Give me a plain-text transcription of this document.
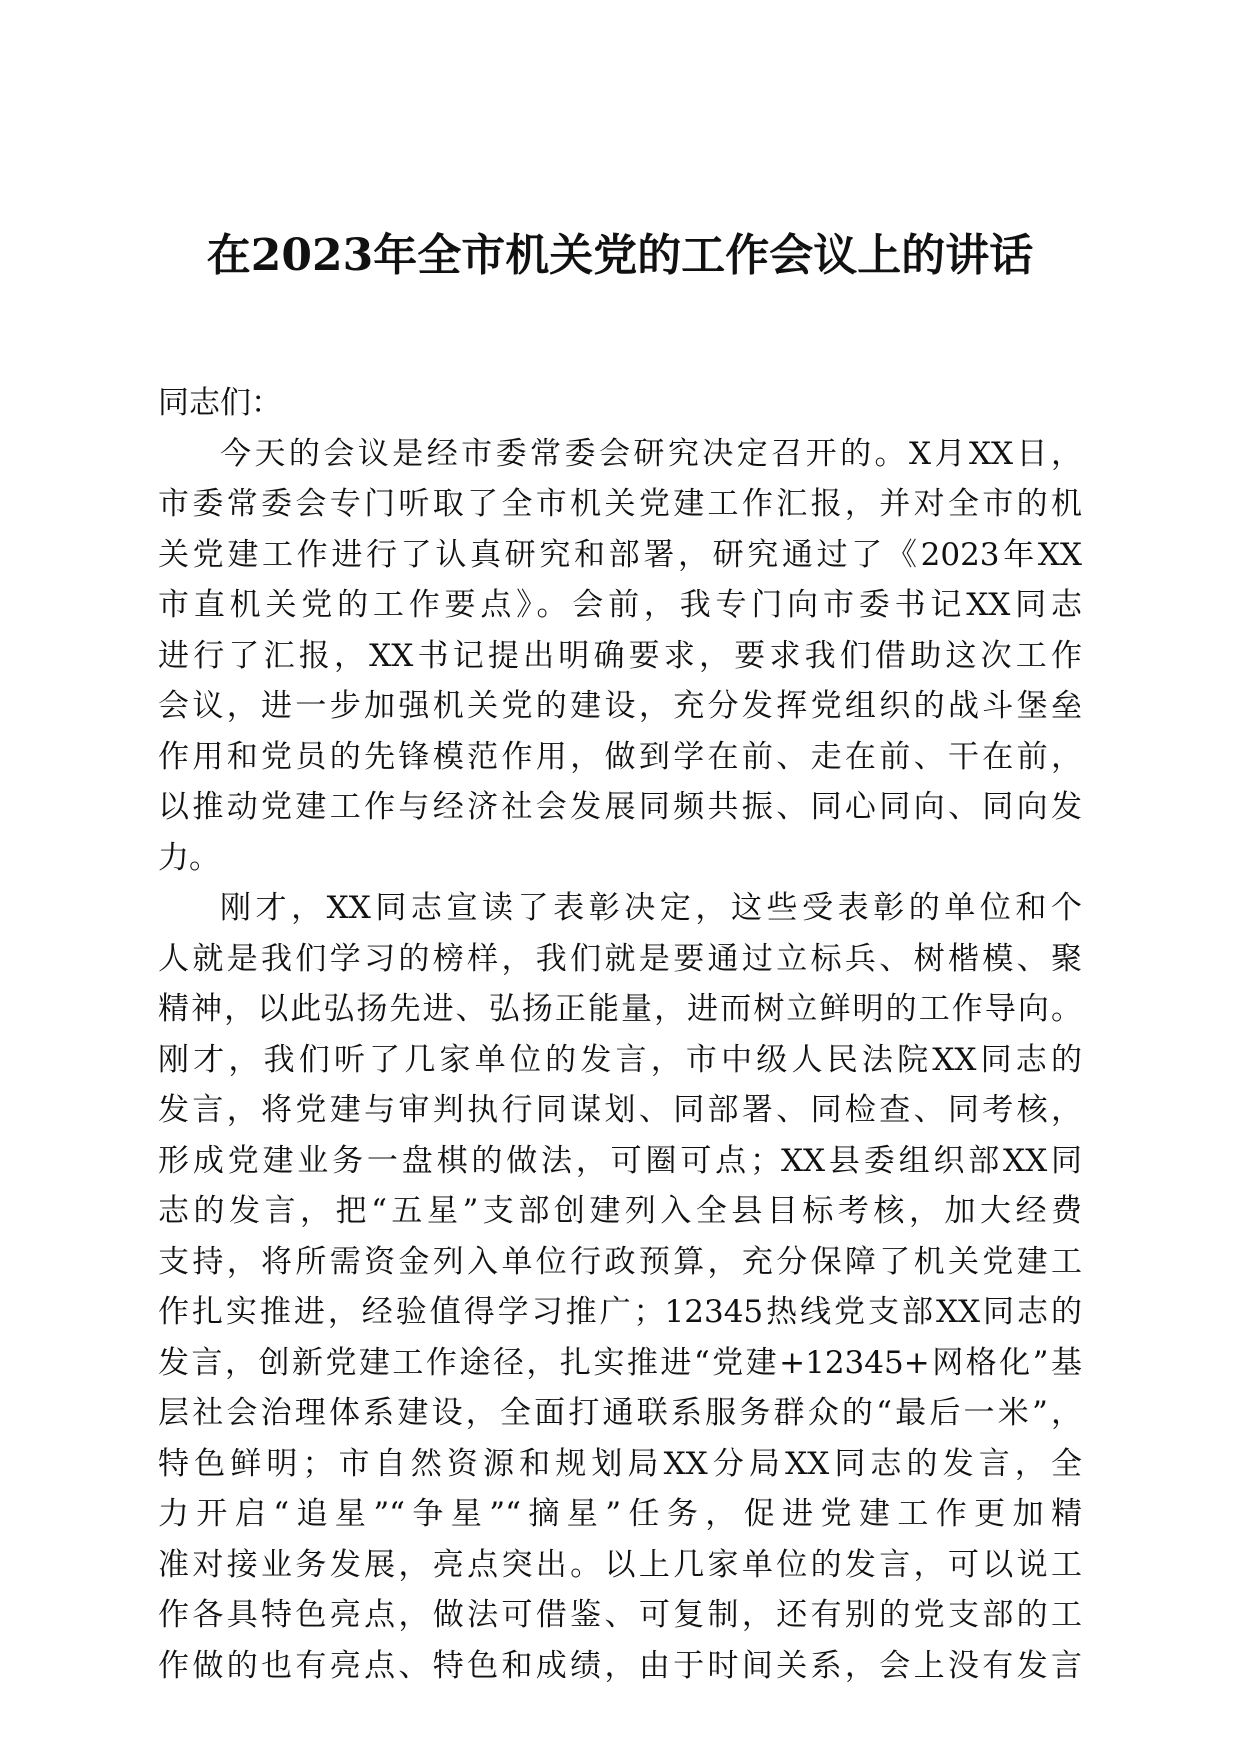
在2023年全市机关党的工作会议上的讲话

同志们：

今天的会议是经市委常委会研究决定召开的。X月XX日，

市委常委会专门听取了全市机关党建工作汇报，并对全市的机

关党建工作进行了认真研究和部署，研究通过了《2023年XX

市直机关党的工作要点》。会前，我专门向市委书记XX同志

进行了汇报，XX书记提出明确要求，要求我们借助这次工作

会议，进一步加强机关党的建设，充分发挥党组织的战斗堡垒

作用和党员的先锋模范作用，做到学在前、走在前、干在前，

以推动党建工作与经济社会发展同频共振、同心同向、同向发

力。

刚才，XX同志宣读了表彰决定，这些受表彰的单位和个

人就是我们学习的榜样，我们就是要通过立标兵、树楷模、聚

精神，以此弘扬先进、弘扬正能量，进而树立鲜明的工作导向。

刚才，我们听了几家单位的发言，市中级人民法院XX同志的

发言，将党建与审判执行同谋划、同部署、同检查、同考核，

形成党建业务一盘棋的做法，可圈可点；XX县委组织部XX同

志的发言，把“五星”支部创建列入全县目标考核，加大经费

支持，将所需资金列入单位行政预算，充分保障了机关党建工

作扎实推进，经验值得学习推广；12345热线党支部XX同志的

发言，创新党建工作途径，扎实推进“党建+12345+网格化”基

层社会治理体系建设，全面打通联系服务群众的“最后一米”，

特色鲜明；市自然资源和规划局XX分局XX同志的发言，全

力开启“追星”“争星”“摘星”任务，促进党建工作更加精

准对接业务发展，亮点突出。以上几家单位的发言，可以说工

作各具特色亮点，做法可借鉴、可复制，还有别的党支部的工

作做的也有亮点、特色和成绩，由于时间关系，会上没有发言
